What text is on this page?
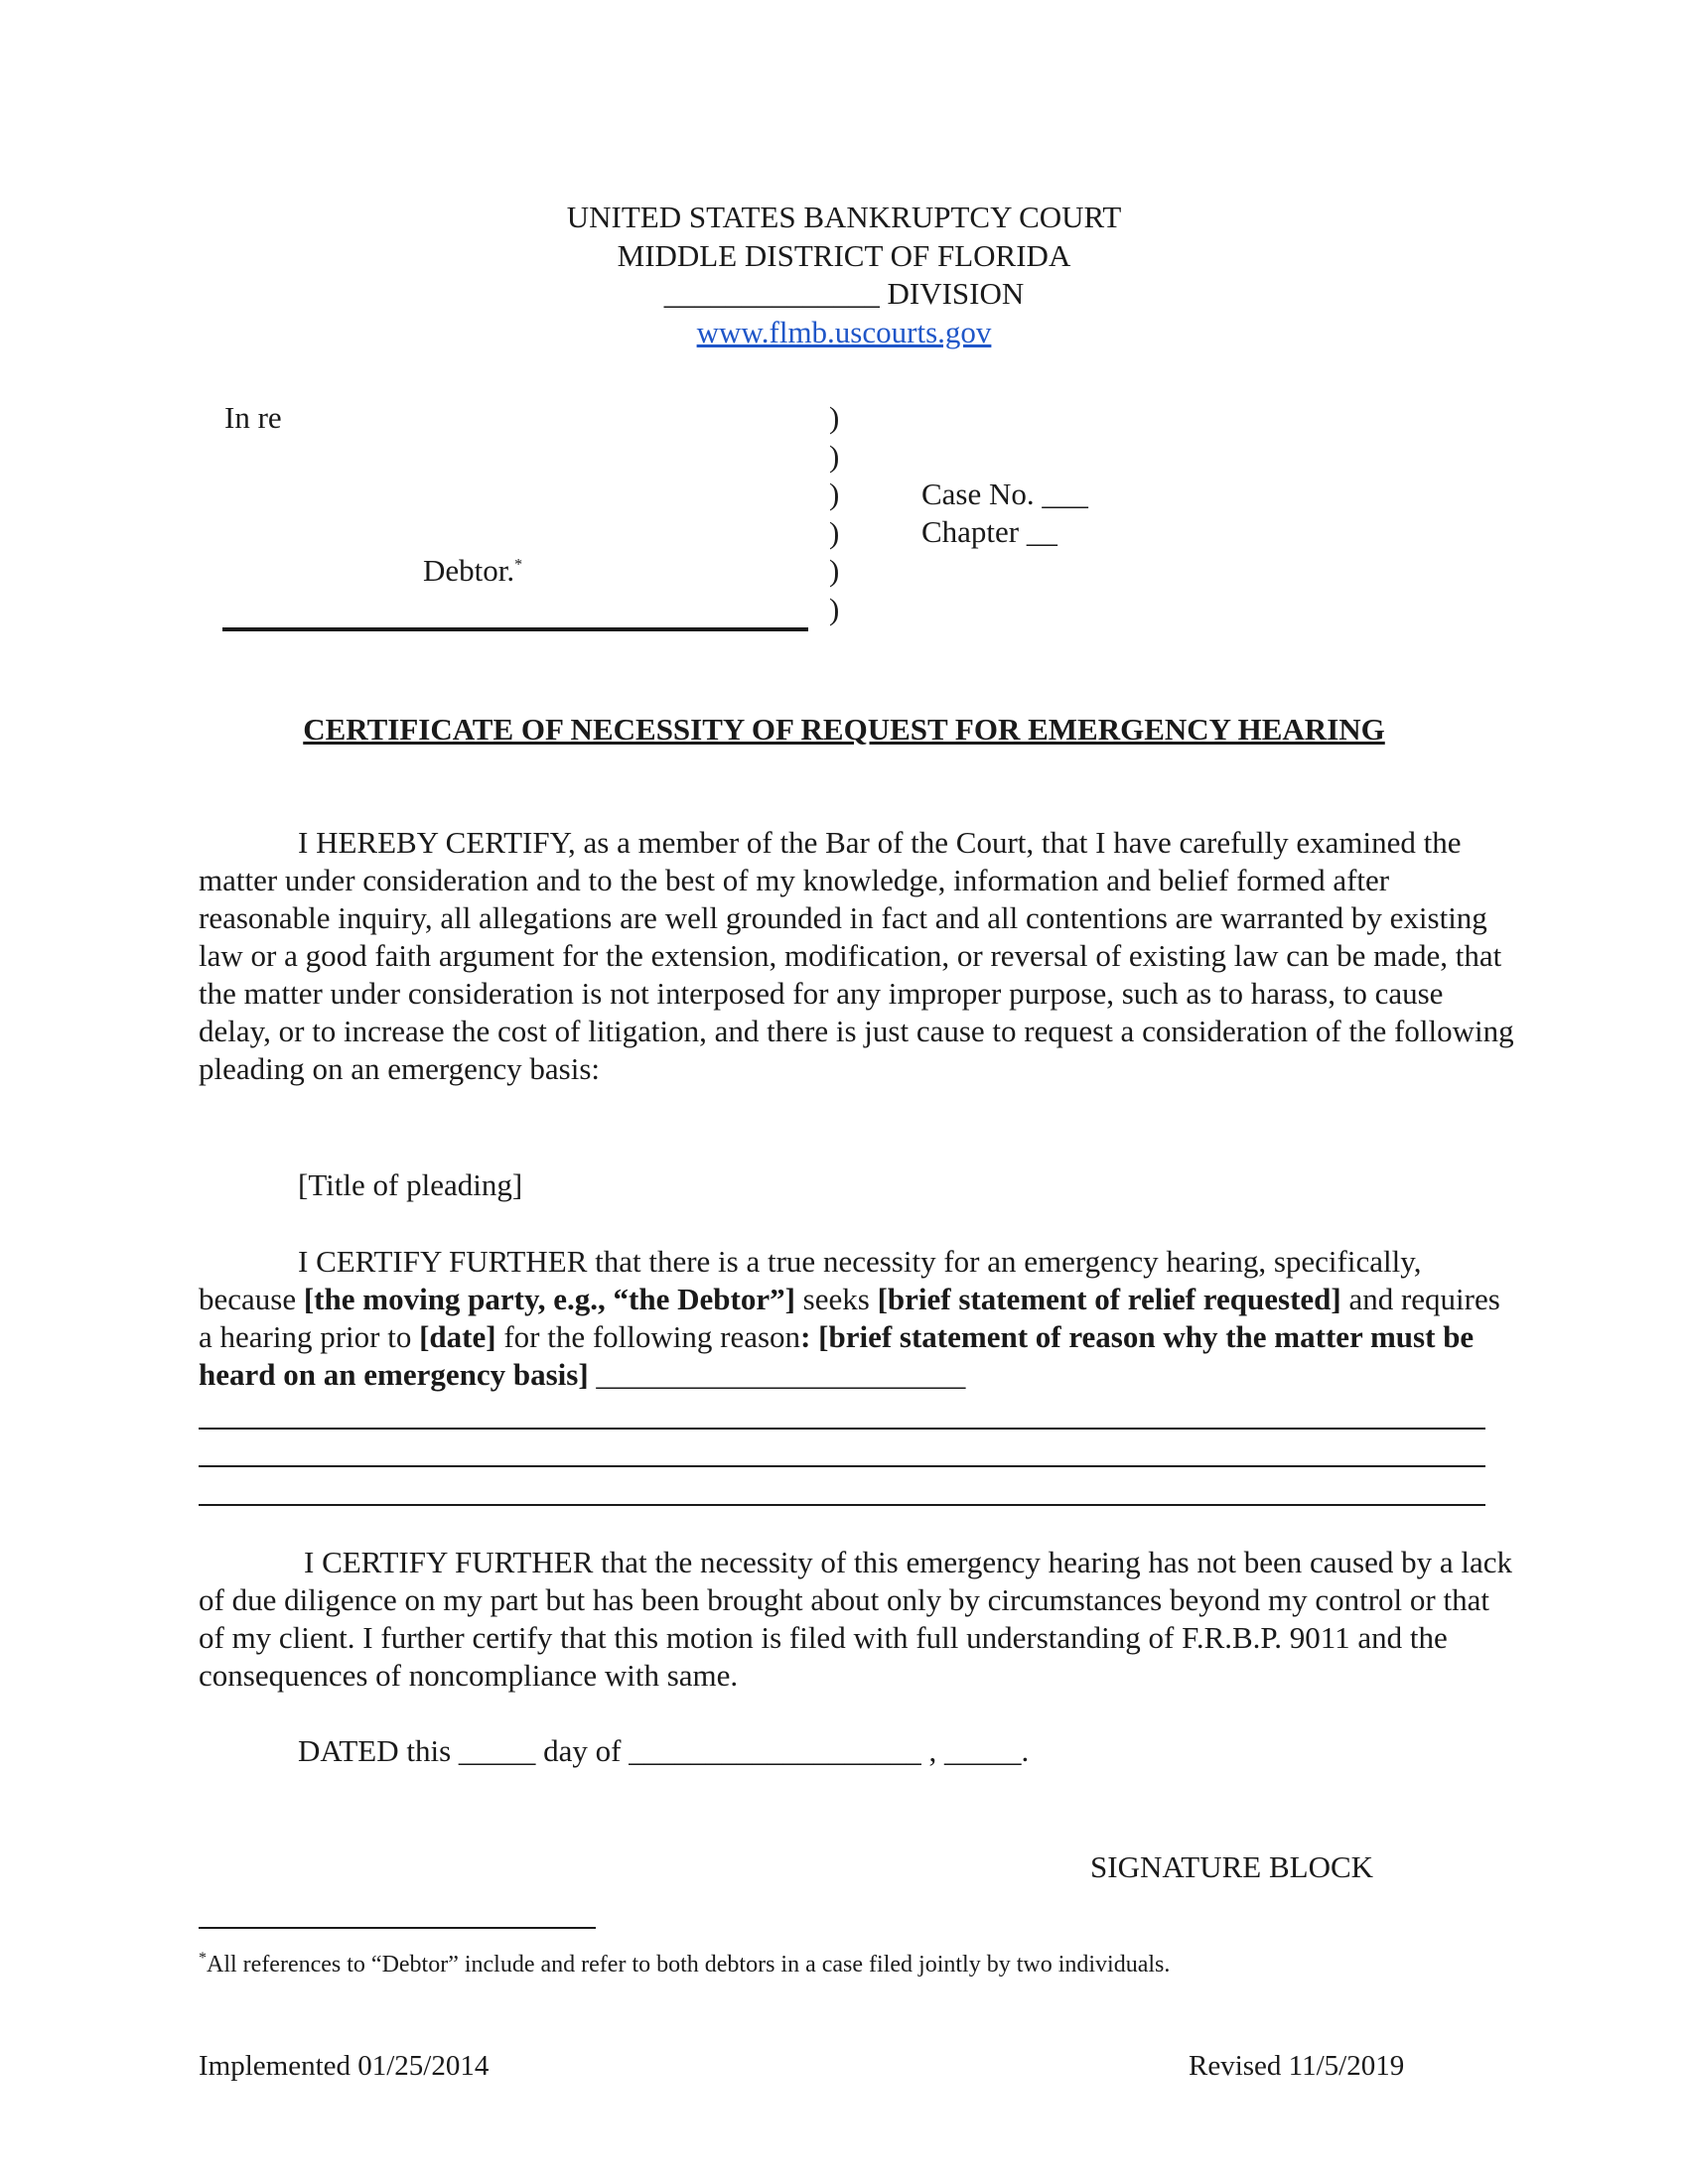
UNITED STATES BANKRUPTCY COURT
MIDDLE DISTRICT OF FLORIDA
______________ DIVISION
www.flmb.uscourts.gov
In re
Debtor.*
)
)
)
)
)
)
Case No. ___
Chapter __
CERTIFICATE OF NECESSITY OF REQUEST FOR EMERGENCY HEARING
I HEREBY CERTIFY, as a member of the Bar of the Court, that I have carefully examined the matter under consideration and to the best of my knowledge, information and belief formed after reasonable inquiry, all allegations are well grounded in fact and all contentions are warranted by existing law or a good faith argument for the extension, modification, or reversal of existing law can be made, that the matter under consideration is not interposed for any improper purpose, such as to harass, to cause delay, or to increase the cost of litigation, and there is just cause to request a consideration of the following pleading on an emergency basis:
[Title of pleading]
I CERTIFY FURTHER that there is a true necessity for an emergency hearing, specifically, because [the moving party, e.g., “the Debtor”] seeks [brief statement of relief requested] and requires a hearing prior to [date] for the following reason: [brief statement of reason why the matter must be heard on an emergency basis] ________________________
I CERTIFY FURTHER that the necessity of this emergency hearing has not been caused by a lack of due diligence on my part but has been brought about only by circumstances beyond my control or that of my client. I further certify that this motion is filed with full understanding of F.R.B.P. 9011 and the consequences of noncompliance with same.
DATED this _____ day of ___________________ , _____.
SIGNATURE BLOCK
*All references to “Debtor” include and refer to both debtors in a case filed jointly by two individuals.
Implemented 01/25/2014	Revised 11/5/2019
